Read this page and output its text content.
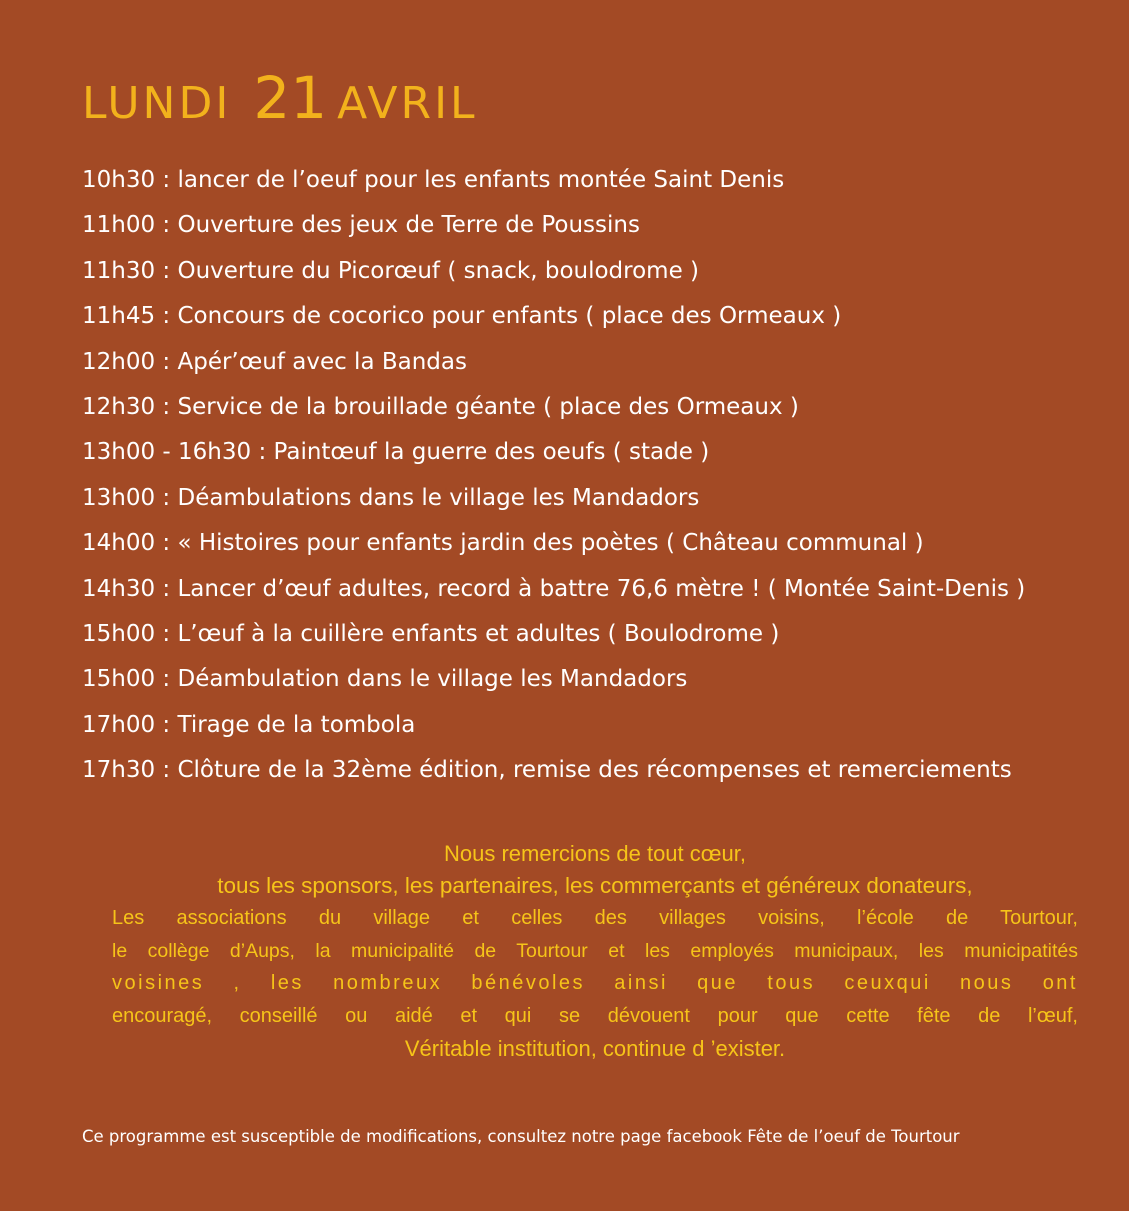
LUNDI 21 AVRIL
10h30 : lancer de l’oeuf pour les enfants montée Saint Denis
11h00 : Ouverture des jeux de Terre de Poussins
11h30 : Ouverture du Picorœuf ( snack, boulodrome )
11h45 : Concours de cocorico pour enfants ( place des Ormeaux )
12h00 : Apér’œuf avec la Bandas
12h30 : Service de la brouillade géante ( place des Ormeaux )
13h00 - 16h30 : Paintœuf la guerre des oeufs ( stade )
13h00 : Déambulations dans le village les Mandadors
14h00 : « Histoires pour enfants jardin des poètes ( Château communal )
14h30 : Lancer d’œuf adultes, record à battre 76,6 mètre ! ( Montée Saint-Denis )
15h00 : L’œuf à la cuillère enfants et adultes ( Boulodrome )
15h00 : Déambulation dans le village les Mandadors
17h00 : Tirage de la tombola
17h30 : Clôture de la 32ème édition, remise des récompenses et remerciements

Nous remercions de tout cœur,

tous les sponsors, les partenaires, les commerçants et généreux donateurs,

Les associations du village et celles des villages voisins, l’école de Tourtour,

le collège d’Aups, la municipalité de Tourtour et les employés municipaux, les municipatités

voisines , les nombreux bénévoles ainsi que tous ceuxqui nous ont

encouragé, conseillé ou aidé et qui se dévouent pour que cette fête de l’œuf,

Véritable institution, continue d ’exister.

Ce programme est susceptible de modifications, consultez notre page facebook Fête de l’oeuf de Tourtour
